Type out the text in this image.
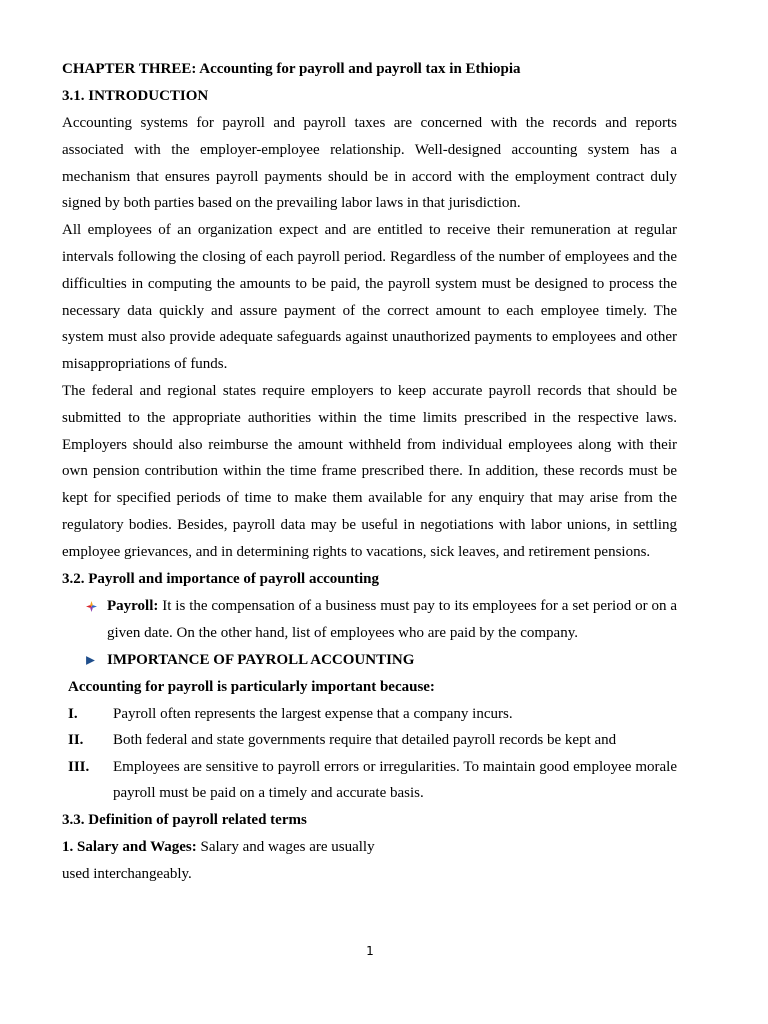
CHAPTER THREE: Accounting for payroll and payroll tax in Ethiopia

3.1. INTRODUCTION

Accounting systems for payroll and payroll taxes are concerned with the records and reports associated with the employer-employee relationship. Well-designed accounting system has a mechanism that ensures payroll payments should be in accord with the employment contract duly signed by both parties based on the prevailing labor laws in that jurisdiction.

All employees of an organization expect and are entitled to receive their remuneration at regular intervals following the closing of each payroll period. Regardless of the number of employees and the difficulties in computing the amounts to be paid, the payroll system must be designed to process the necessary data quickly and assure payment of the correct amount to each employee timely. The system must also provide adequate safeguards against unauthorized payments to employees and other misappropriations of funds.

The federal and regional states require employers to keep accurate payroll records that should be submitted to the appropriate authorities within the time limits prescribed in the respective laws. Employers should also reimburse the amount withheld from individual employees along with their own pension contribution within the time frame prescribed there. In addition, these records must be kept for specified periods of time to make them available for any enquiry that may arise from the regulatory bodies. Besides, payroll data may be useful in negotiations with labor unions, in settling employee grievances, and in determining rights to vacations, sick leaves, and retirement pensions.

3.2. Payroll and importance of payroll accounting

Payroll: It is the compensation of a business must pay to its employees for a set period or on a given date. On the other hand, list of employees who are paid by the company.
IMPORTANCE OF PAYROLL ACCOUNTING

Accounting for payroll is particularly important because:

I.	Payroll often represents the largest expense that a company incurs.
II.	Both federal and state governments require that detailed payroll records be kept and
III.	Employees are sensitive to payroll errors or irregularities. To maintain good employee morale payroll must be paid on a timely and accurate basis.

3.3. Definition of payroll related terms

1. Salary and Wages: Salary and wages are usually

used interchangeably.

1
